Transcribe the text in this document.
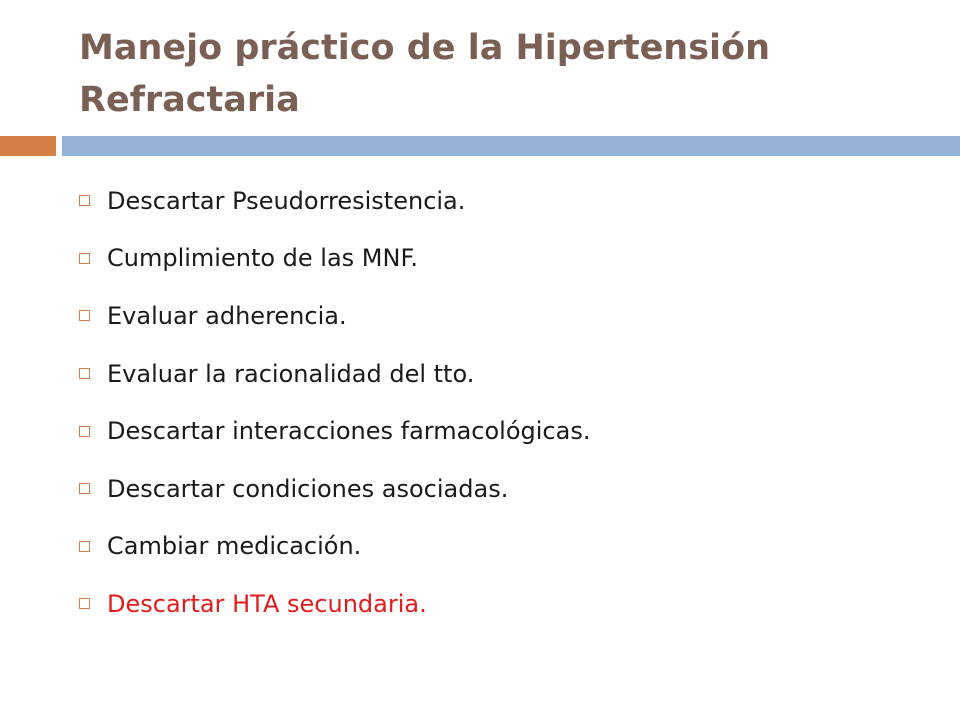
Manejo práctico de la Hipertensión Refractaria
Descartar Pseudorresistencia.
Cumplimiento de las MNF.
Evaluar adherencia.
Evaluar la racionalidad del tto.
Descartar interacciones farmacológicas.
Descartar condiciones asociadas.
Cambiar medicación.
Descartar HTA secundaria.
